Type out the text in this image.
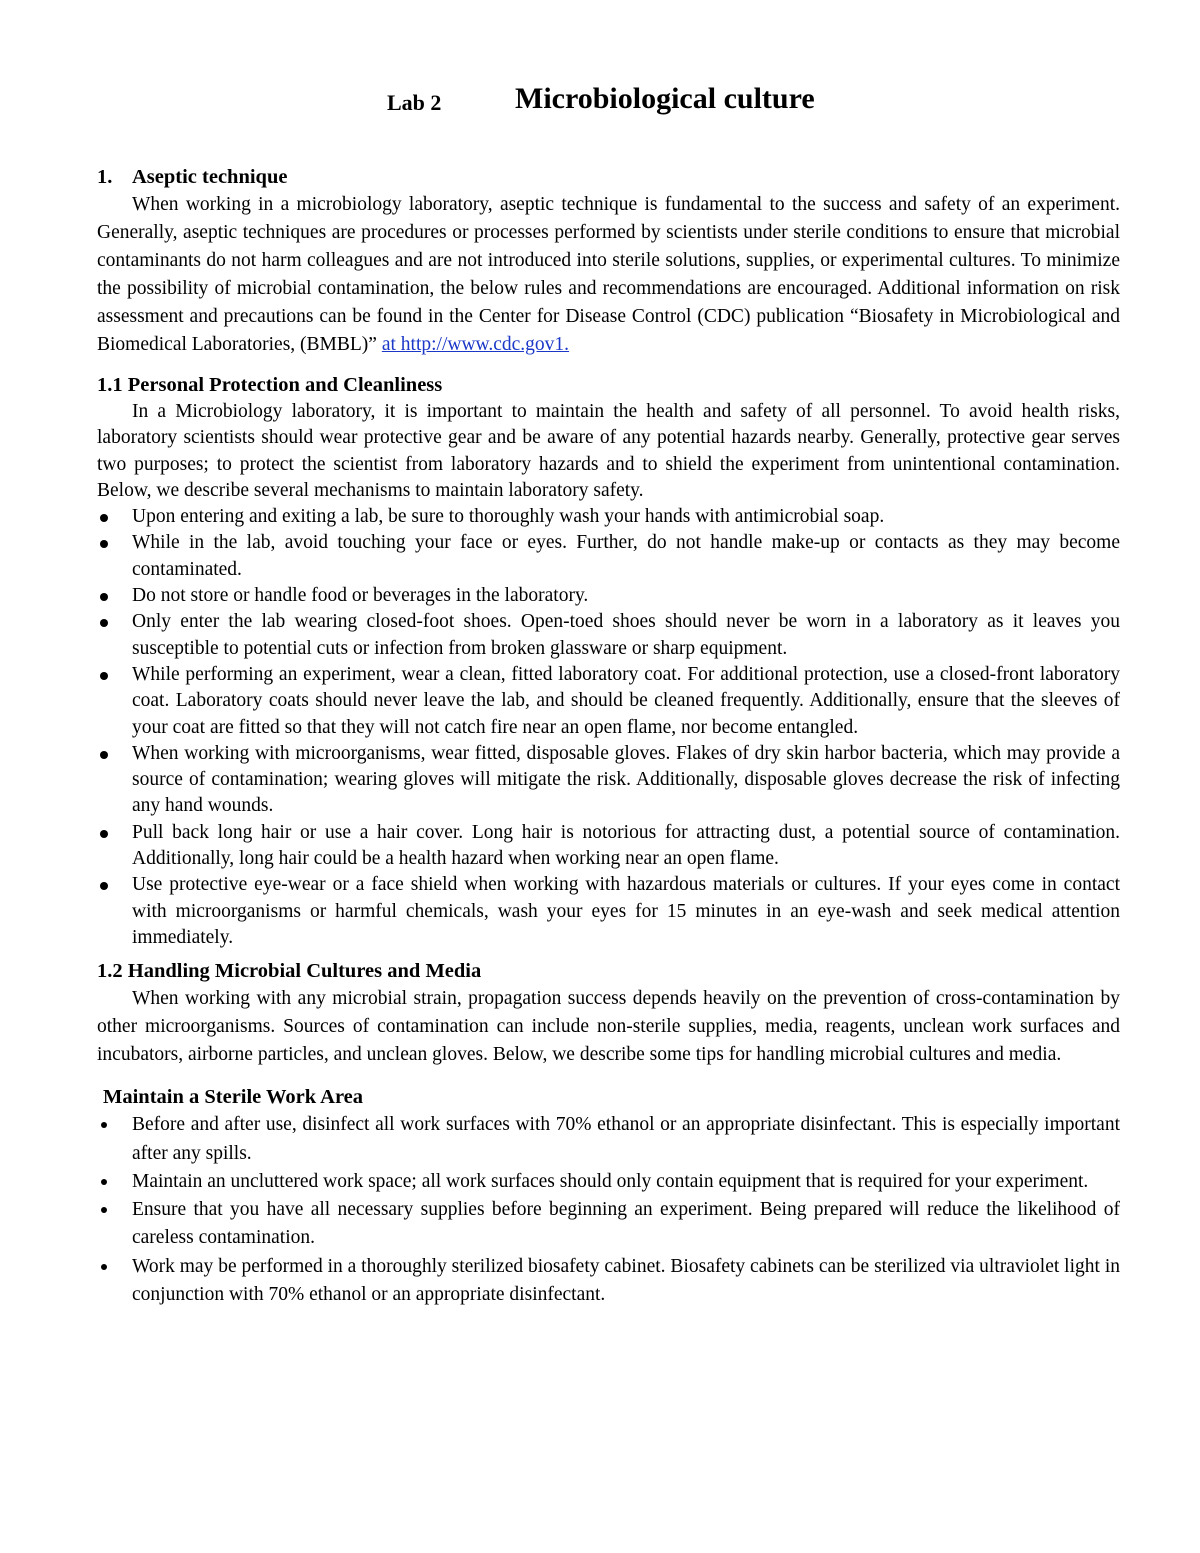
Lab 2 Microbiological culture
1. Aseptic technique

When working in a microbiology laboratory, aseptic technique is fundamental to the success and safety of an experiment. Generally, aseptic techniques are procedures or processes performed by scientists under sterile conditions to ensure that microbial contaminants do not harm colleagues and are not introduced into sterile solutions, supplies, or experimental cultures. To minimize the possibility of microbial contamination, the below rules and recommendations are encouraged. Additional information on risk assessment and precautions can be found in the Center for Disease Control (CDC) publication “Biosafety in Microbiological and Biomedical Laboratories, (BMBL)” at http://www.cdc.gov1.

1.1 Personal Protection and Cleanliness

In a Microbiology laboratory, it is important to maintain the health and safety of all personnel. To avoid health risks, laboratory scientists should wear protective gear and be aware of any potential hazards nearby. Generally, protective gear serves two purposes; to protect the scientist from laboratory hazards and to shield the experiment from unintentional contamination. Below, we describe several mechanisms to maintain laboratory safety.

Upon entering and exiting a lab, be sure to thoroughly wash your hands with antimicrobial soap.
While in the lab, avoid touching your face or eyes. Further, do not handle make-up or contacts as they may become contaminated.
Do not store or handle food or beverages in the laboratory.
Only enter the lab wearing closed-foot shoes. Open-toed shoes should never be worn in a laboratory as it leaves you susceptible to potential cuts or infection from broken glassware or sharp equipment.
While performing an experiment, wear a clean, fitted laboratory coat. For additional protection, use a closed-front laboratory coat. Laboratory coats should never leave the lab, and should be cleaned frequently. Additionally, ensure that the sleeves of your coat are fitted so that they will not catch fire near an open flame, nor become entangled.
When working with microorganisms, wear fitted, disposable gloves. Flakes of dry skin harbor bacteria, which may provide a source of contamination; wearing gloves will mitigate the risk. Additionally, disposable gloves decrease the risk of infecting any hand wounds.
Pull back long hair or use a hair cover. Long hair is notorious for attracting dust, a potential source of contamination. Additionally, long hair could be a health hazard when working near an open flame.
Use protective eye-wear or a face shield when working with hazardous materials or cultures. If your eyes come in contact with microorganisms or harmful chemicals, wash your eyes for 15 minutes in an eye-wash and seek medical attention immediately.
1.2 Handling Microbial Cultures and Media

When working with any microbial strain, propagation success depends heavily on the prevention of cross-contamination by other microorganisms. Sources of contamination can include non-sterile supplies, media, reagents, unclean work surfaces and incubators, airborne particles, and unclean gloves. Below, we describe some tips for handling microbial cultures and media.

Maintain a Sterile Work Area
Before and after use, disinfect all work surfaces with 70% ethanol or an appropriate disinfectant. This is especially important after any spills.
Maintain an uncluttered work space; all work surfaces should only contain equipment that is required for your experiment.
Ensure that you have all necessary supplies before beginning an experiment. Being prepared will reduce the likelihood of careless contamination.
Work may be performed in a thoroughly sterilized biosafety cabinet. Biosafety cabinets can be sterilized via ultraviolet light in conjunction with 70% ethanol or an appropriate disinfectant.
